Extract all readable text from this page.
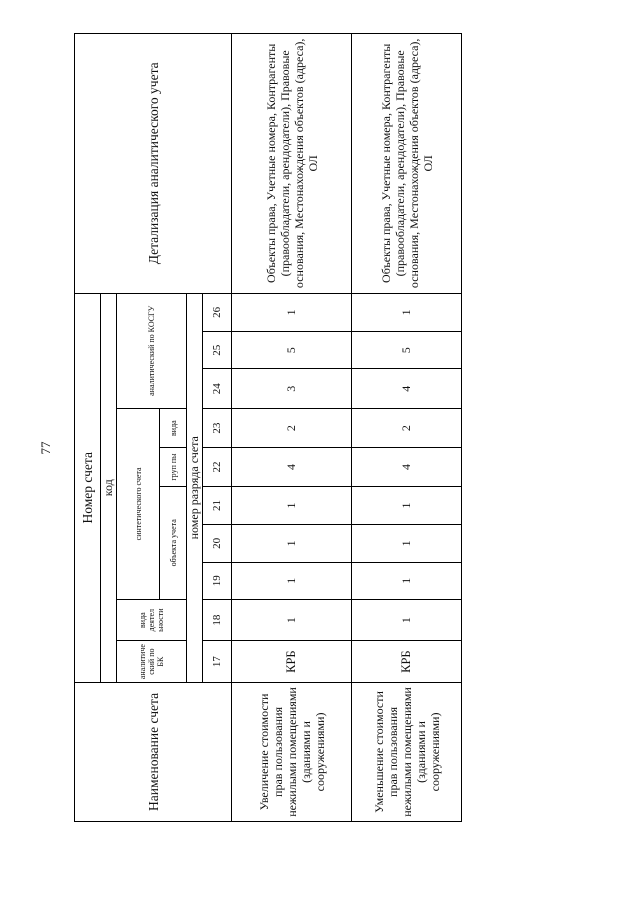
77
Наименование счета	Номер счета										Детализация аналитического учета
	код										
	аналитиче ский по БК	вида деятел ьности	синтетического счета					аналитический по КОСГУ			
			объекта учета			груп пы	вида				
	номер разряда счета										
	17	18	19	20	21	22	23	24	25	26	
Увеличение стоимости прав пользования нежилыми помещениями (зданиями и сооружениями)	КРБ	1	1	1	1	4	2	3	5	1	Объекты права, Учетные номера, Контрагенты (правообладатели, арендодатели), Правовые основания, Местонахождения объектов (адреса), ОЛ
Уменьшение стоимости прав пользования нежилыми помещениями (зданиями и сооружениями)	КРБ	1	1	1	1	4	2	4	5	1	Объекты права, Учетные номера, Контрагенты (правообладатели, арендодатели), Правовые основания, Местонахождения объектов (адреса), ОЛ
